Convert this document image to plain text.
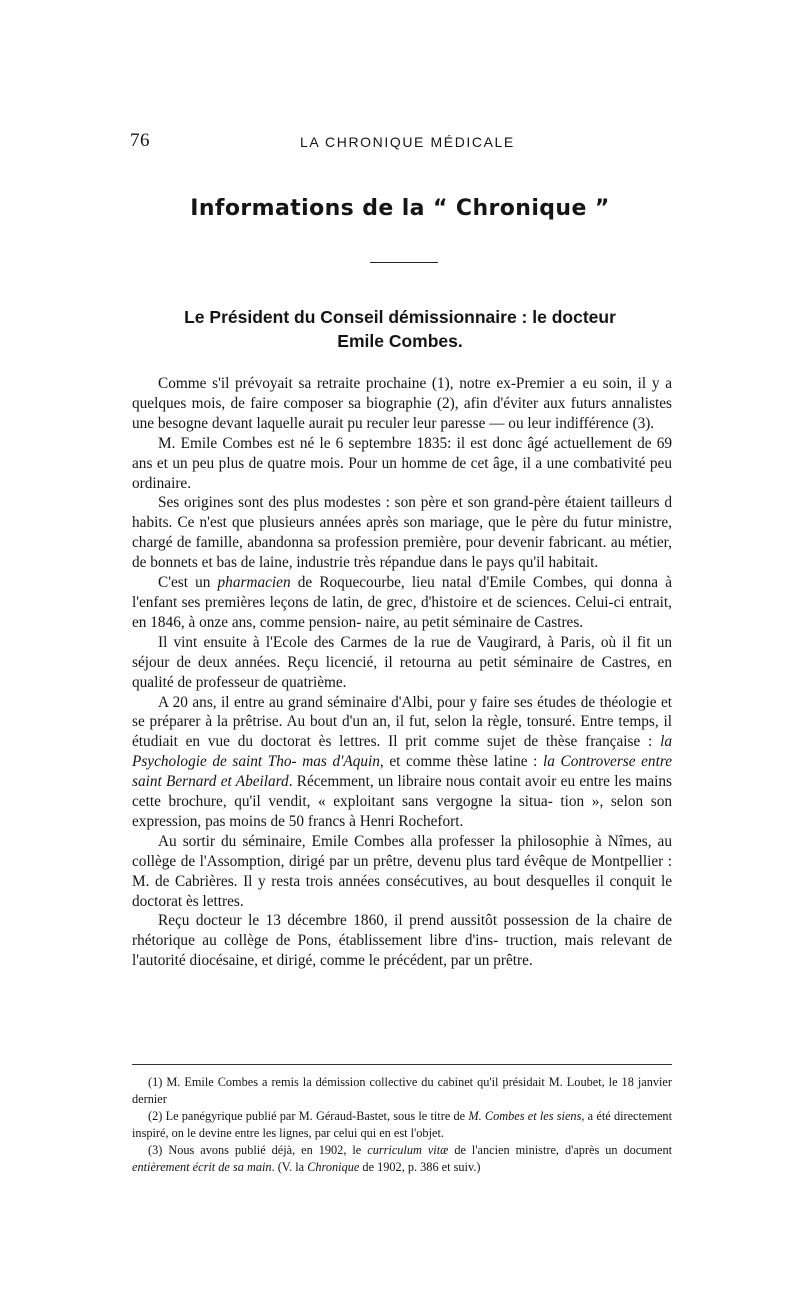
76	LA CHRONIQUE MÉDICALE
Informations de la “ Chronique ”
Le Président du Conseil démissionnaire : le docteur
Emile Combes.

Comme s'il prévoyait sa retraite prochaine (1), notre ex-Premier a eu soin, il y a quelques mois, de faire composer sa biographie (2), afin d'éviter aux futurs annalistes une besogne devant laquelle aurait pu reculer leur paresse — ou leur indifférence (3).

M. Emile Combes est né le 6 septembre 1835: il est donc âgé actuellement de 69 ans et un peu plus de quatre mois. Pour un homme de cet âge, il a une combativité peu ordinaire.

Ses origines sont des plus modestes : son père et son grand-père étaient tailleurs d habits. Ce n'est que plusieurs années après son mariage, que le père du futur ministre, chargé de famille, abandonna sa profession première, pour devenir fabricant. au métier, de bonnets et bas de laine, industrie très répandue dans le pays qu'il habitait.

C'est un pharmacien de Roquecourbe, lieu natal d'Emile Combes, qui donna à l'enfant ses premières leçons de latin, de grec, d'histoire et de sciences. Celui-ci entrait, en 1846, à onze ans, comme pension- naire, au petit séminaire de Castres.

Il vint ensuite à l'Ecole des Carmes de la rue de Vaugirard, à Paris, où il fit un séjour de deux années. Reçu licencié, il retourna au petit séminaire de Castres, en qualité de professeur de quatrième.

A 20 ans, il entre au grand séminaire d'Albi, pour y faire ses études de théologie et se préparer à la prêtrise. Au bout d'un an, il fut, selon la règle, tonsuré. Entre temps, il étudiait en vue du doctorat ès lettres. Il prit comme sujet de thèse française : la Psychologie de saint Tho- mas d'Aquin, et comme thèse latine : la Controverse entre saint Bernard et Abeilard. Récemment, un libraire nous contait avoir eu entre les mains cette brochure, qu'il vendit, « exploitant sans vergogne la situa- tion », selon son expression, pas moins de 50 francs à Henri Rochefort.

Au sortir du séminaire, Emile Combes alla professer la philosophie à Nîmes, au collège de l'Assomption, dirigé par un prêtre, devenu plus tard évêque de Montpellier : M. de Cabrières. Il y resta trois années consécutives, au bout desquelles il conquit le doctorat ès lettres.

Reçu docteur le 13 décembre 1860, il prend aussitôt possession de la chaire de rhétorique au collège de Pons, établissement libre d'ins- truction, mais relevant de l'autorité diocésaine, et dirigé, comme le précédent, par un prêtre.

(1) M. Emile Combes a remis la démission collective du cabinet qu'il présidait M. Loubet, le 18 janvier dernier

(2) Le panégyrique publié par M. Géraud-Bastet, sous le titre de M. Combes et les siens, a été directement inspiré, on le devine entre les lignes, par celui qui en est l'objet.

(3) Nous avons publié déjà, en 1902, le curriculum vitæ de l'ancien ministre, d'après un document entièrement écrit de sa main. (V. la Chronique de 1902, p. 386 et suiv.)
